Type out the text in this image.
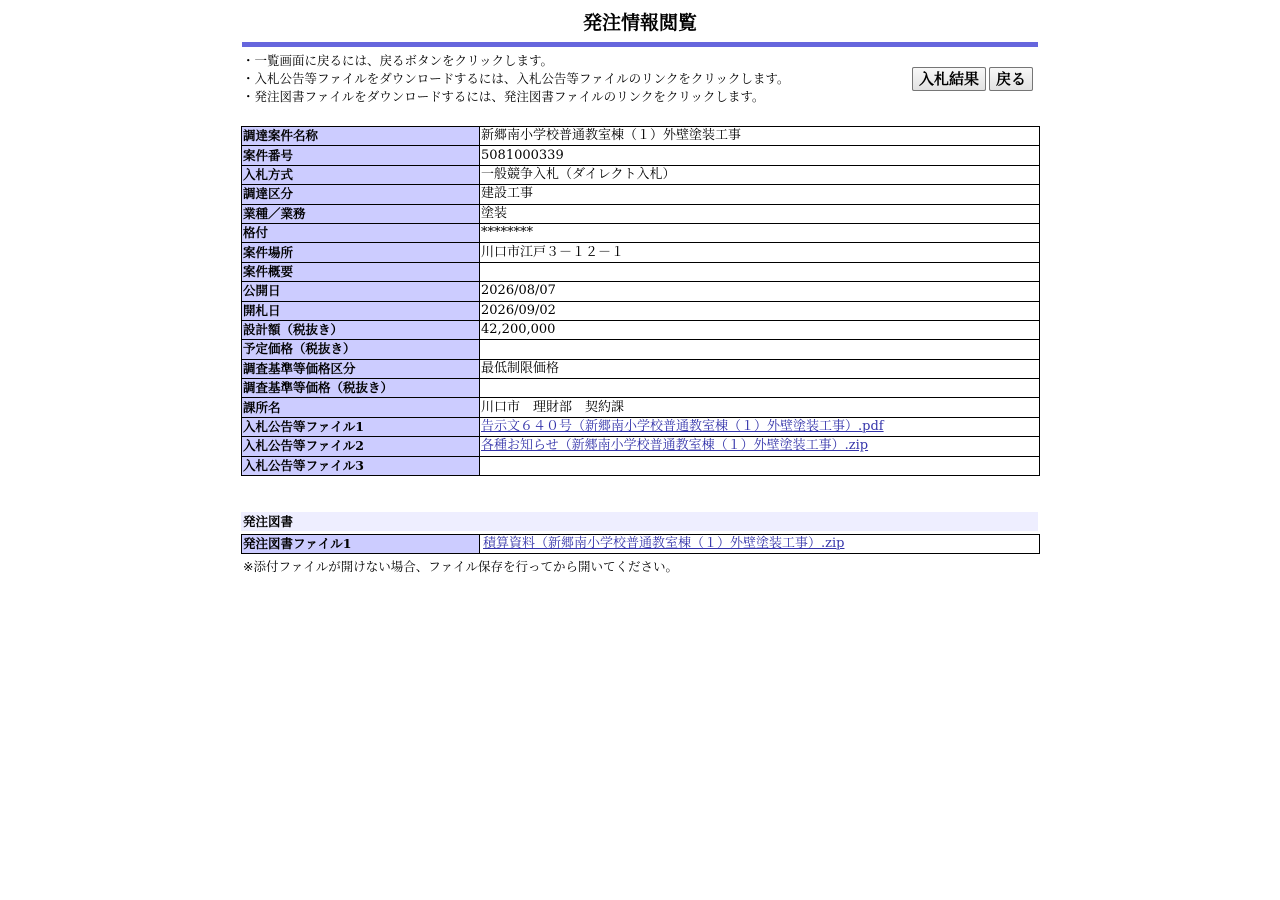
発注情報閲覧
・一覧画面に戻るには、戻るボタンをクリックします。
・入札公告等ファイルをダウンロードするには、入札公告等ファイルのリンクをクリックします。
・発注図書ファイルをダウンロードするには、発注図書ファイルのリンクをクリックします。
入札結果	戻る
調達案件名称	新郷南小学校普通教室棟（１）外壁塗装工事
案件番号	5081000339
入札方式	一般競争入札（ダイレクト入札）
調達区分	建設工事
業種／業務	塗装
格付	********
案件場所	川口市江戸３－１２－１
案件概要	
公開日	2026/08/07
開札日	2026/09/02
設計額（税抜き）	42,200,000
予定価格（税抜き）	
調査基準等価格区分	最低制限価格
調査基準等価格（税抜き）	
課所名	川口市　理財部　契約課
入札公告等ファイル1	告示文６４０号（新郷南小学校普通教室棟（１）外壁塗装工事）.pdf
入札公告等ファイル2	各種お知らせ（新郷南小学校普通教室棟（１）外壁塗装工事）.zip
入札公告等ファイル3	
発注図書
発注図書ファイル1	積算資料（新郷南小学校普通教室棟（１）外壁塗装工事）.zip
※添付ファイルが開けない場合、ファイル保存を行ってから開いてください。
